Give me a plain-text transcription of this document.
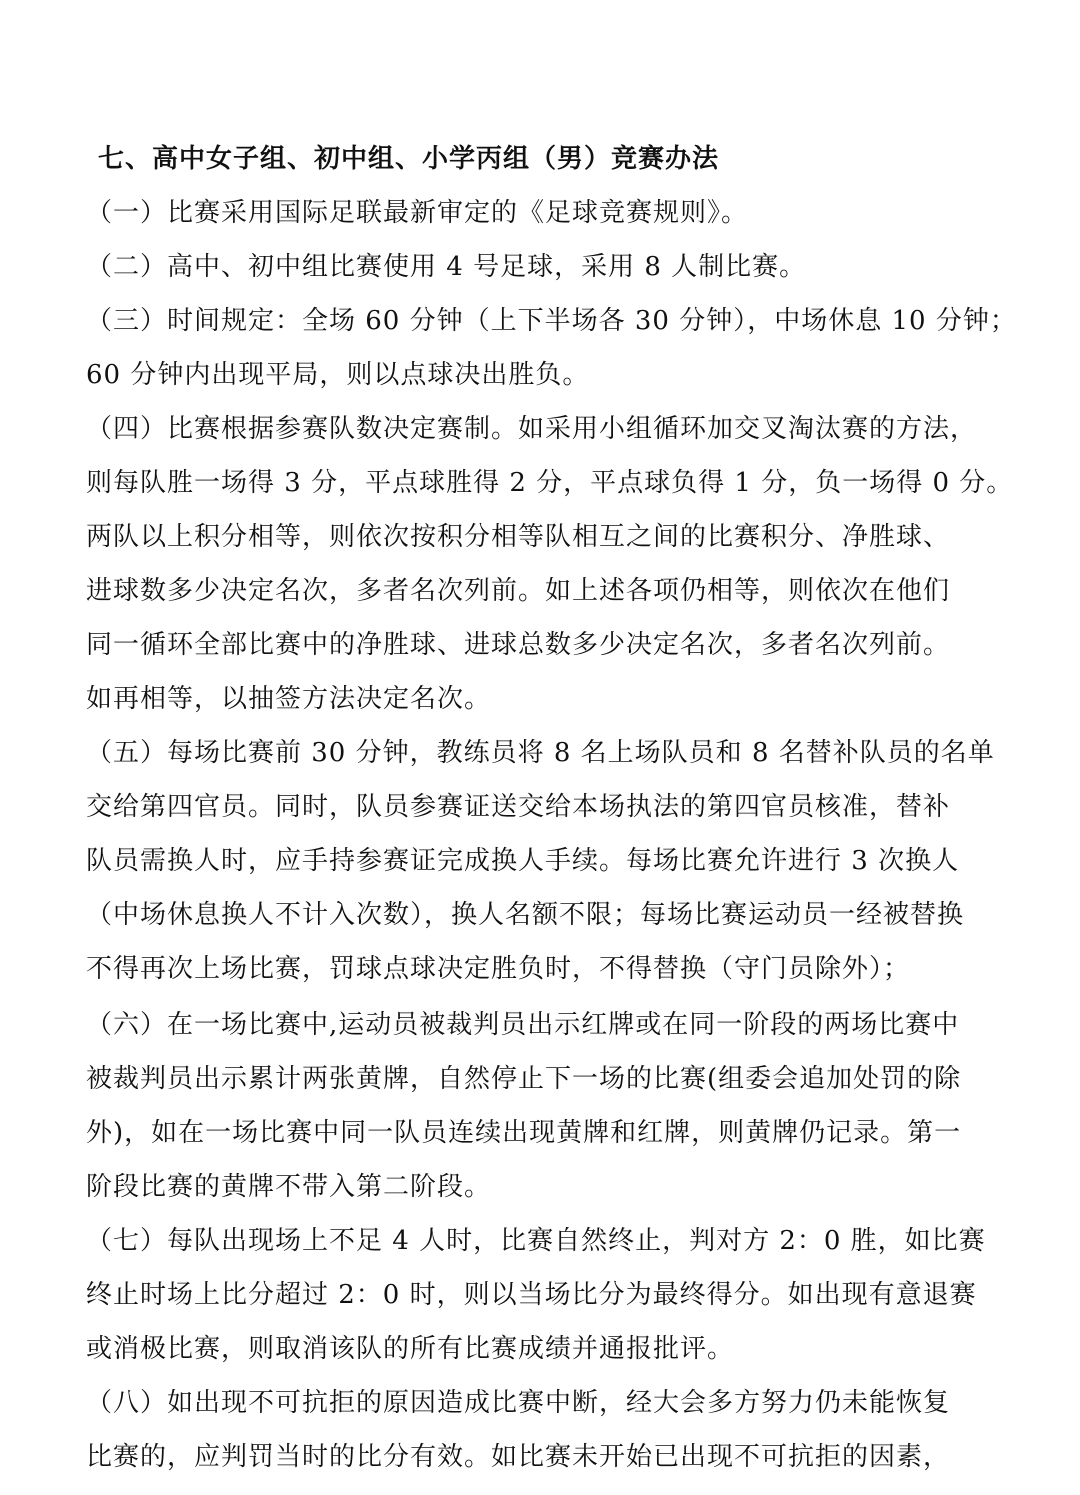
七、高中女子组、初中组、小学丙组（男）竞赛办法
（一）比赛采用国际足联最新审定的《足球竞赛规则》。
（二）高中、初中组比赛使用 4 号足球，采用 8 人制比赛。
（三）时间规定：全场 60 分钟（上下半场各 30 分钟），中场休息 10 分钟；
60 分钟内出现平局，则以点球决出胜负。
（四）比赛根据参赛队数决定赛制。如采用小组循环加交叉淘汰赛的方法，
则每队胜一场得 3 分，平点球胜得 2 分，平点球负得 1 分，负一场得 0 分。
两队以上积分相等，则依次按积分相等队相互之间的比赛积分、净胜球、
进球数多少决定名次，多者名次列前。如上述各项仍相等，则依次在他们
同一循环全部比赛中的净胜球、进球总数多少决定名次，多者名次列前。
如再相等，以抽签方法决定名次。
（五）每场比赛前 30 分钟，教练员将 8 名上场队员和 8 名替补队员的名单
交给第四官员。同时，队员参赛证送交给本场执法的第四官员核准，替补
队员需换人时，应手持参赛证完成换人手续。每场比赛允许进行 3 次换人
（中场休息换人不计入次数），换人名额不限；每场比赛运动员一经被替换
不得再次上场比赛，罚球点球决定胜负时，不得替换（守门员除外）；
（六）在一场比赛中,运动员被裁判员出示红牌或在同一阶段的两场比赛中
被裁判员出示累计两张黄牌，自然停止下一场的比赛(组委会追加处罚的除
外)，如在一场比赛中同一队员连续出现黄牌和红牌，则黄牌仍记录。第一
阶段比赛的黄牌不带入第二阶段。
（七）每队出现场上不足 4 人时，比赛自然终止，判对方 2：0 胜，如比赛
终止时场上比分超过 2：0 时，则以当场比分为最终得分。如出现有意退赛
或消极比赛，则取消该队的所有比赛成绩并通报批评。
（八）如出现不可抗拒的原因造成比赛中断，经大会多方努力仍未能恢复
比赛的，应判罚当时的比分有效。如比赛未开始已出现不可抗拒的因素，
